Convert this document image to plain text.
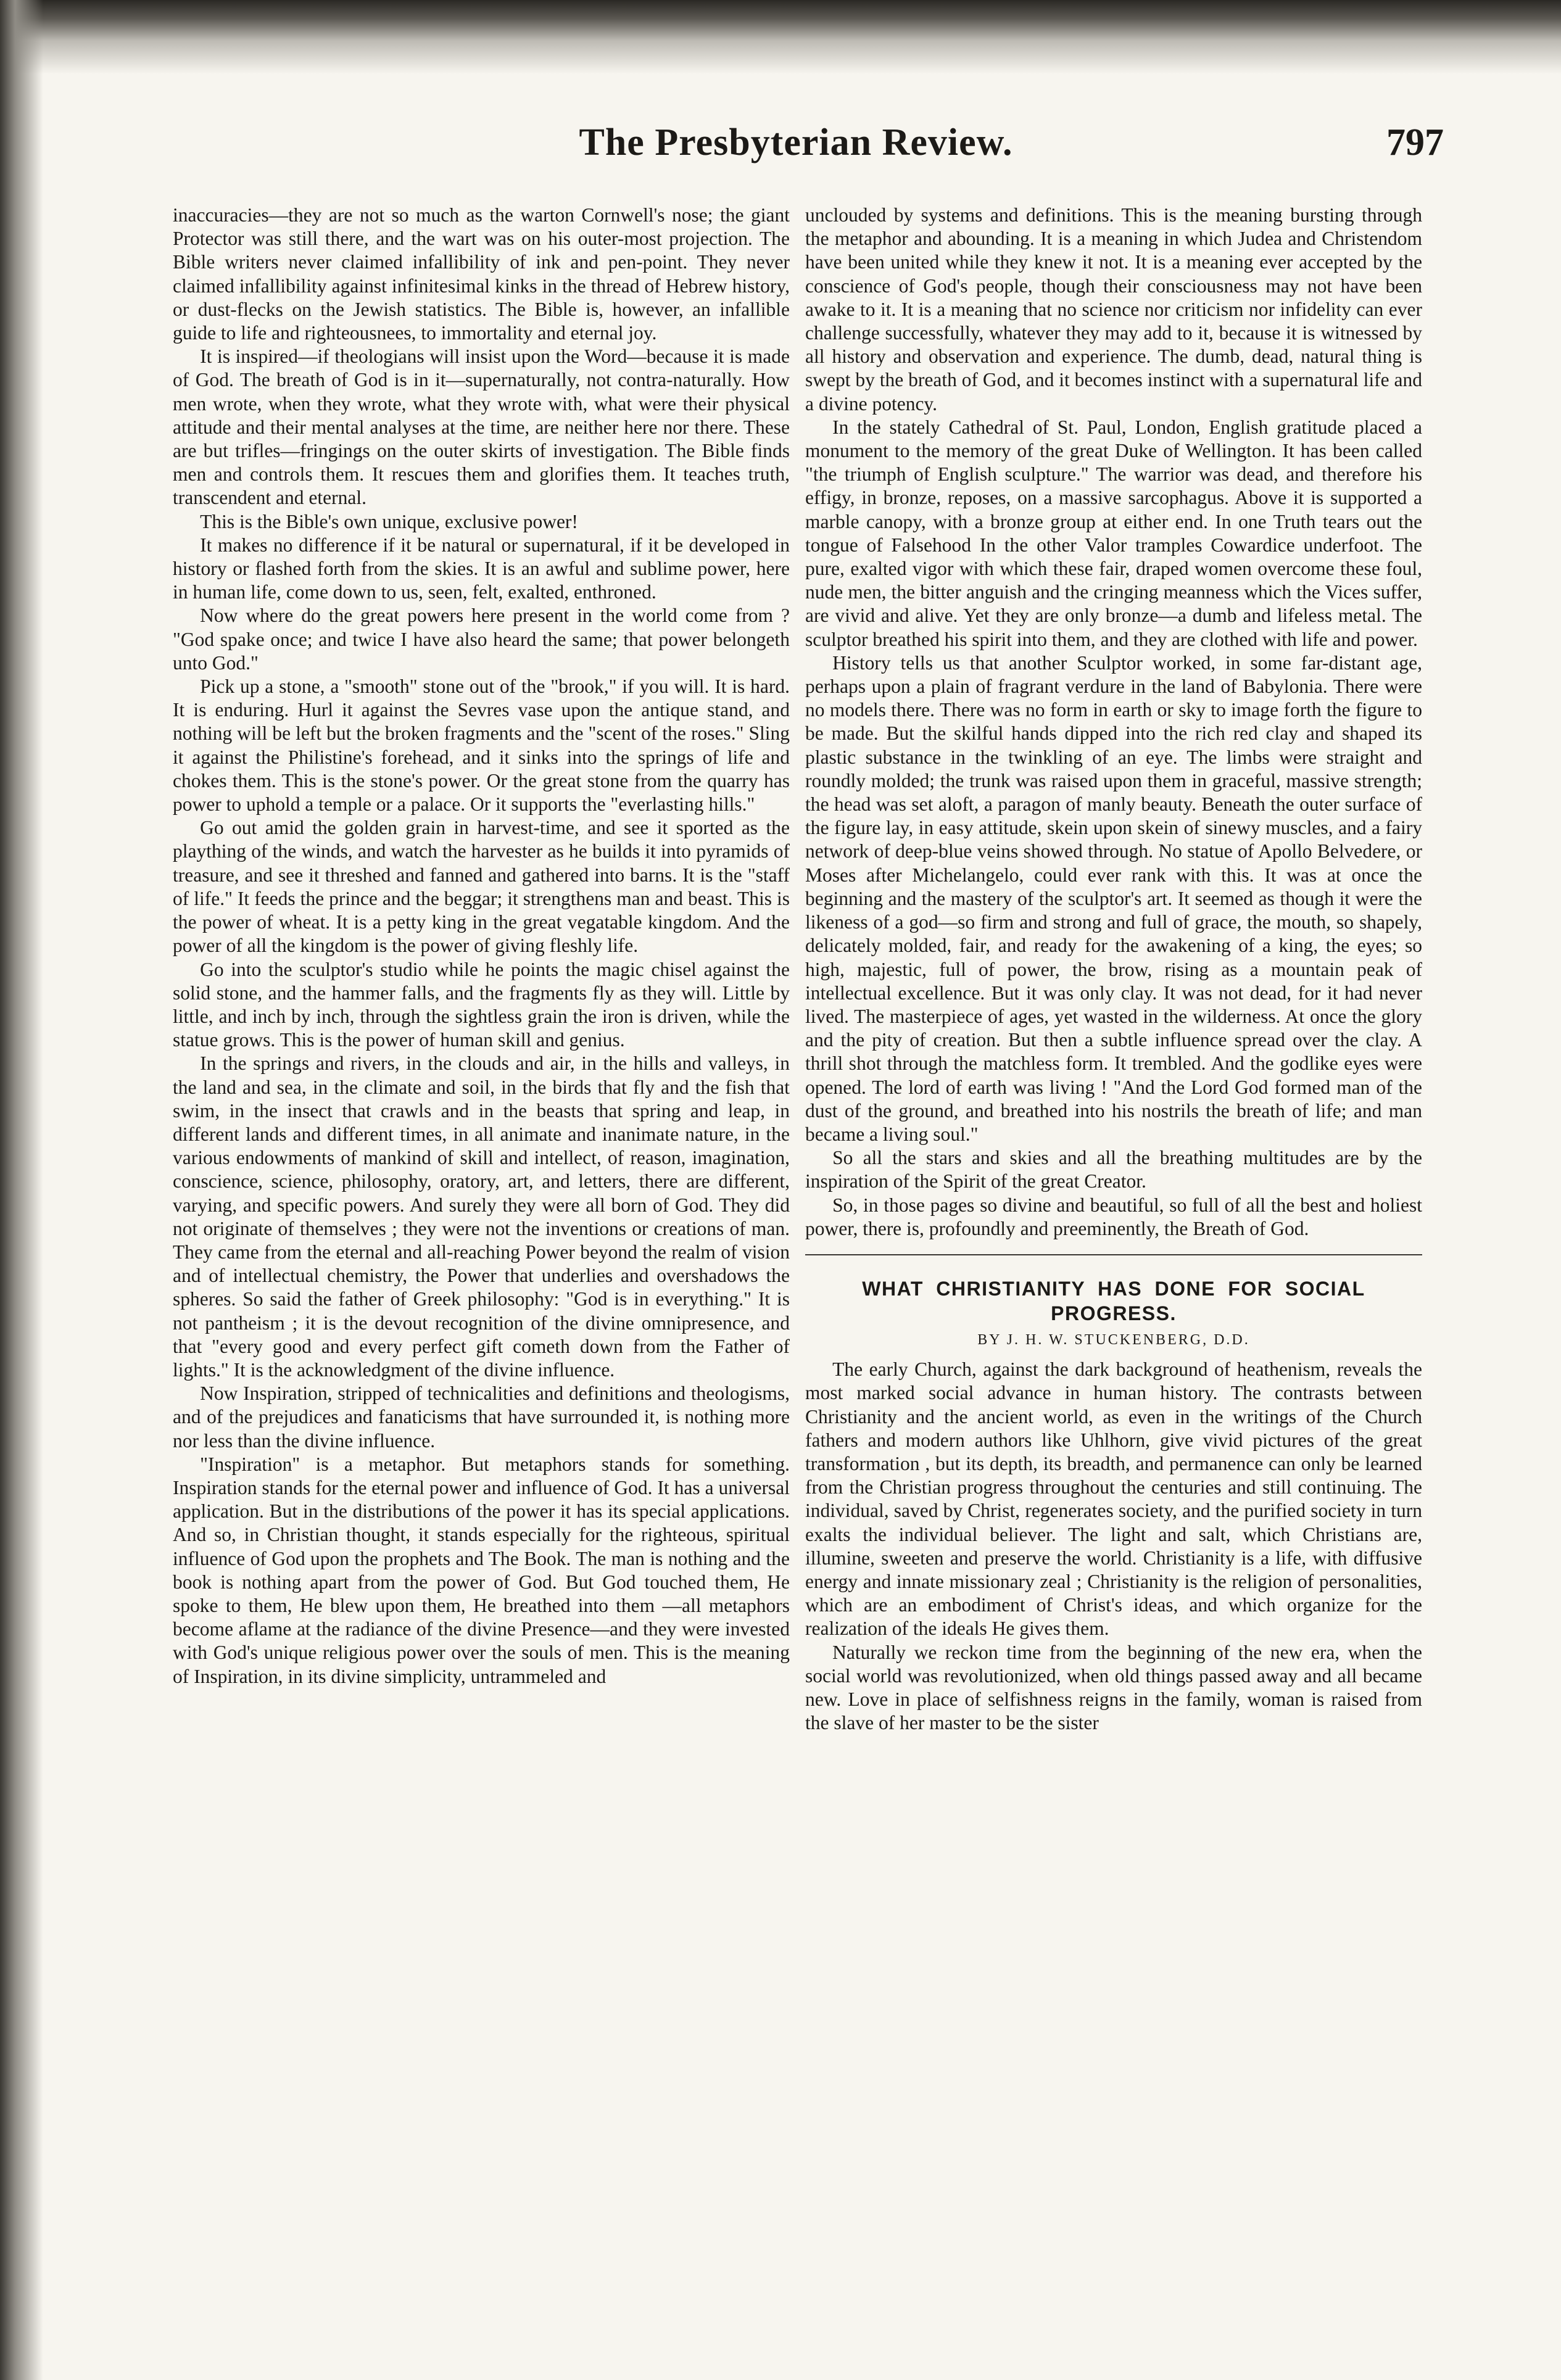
The Presbyterian Review.	797

inaccuracies—they are not so much as the warton Cornwell's nose; the giant Protector was still there, and the wart was on his outer-most projection. The Bible writers never claimed infallibility of ink and pen-point. They never claimed infallibility against infinitesimal kinks in the thread of Hebrew history, or dust-flecks on the Jewish statistics. The Bible is, however, an infallible guide to life and righteousnees, to immortality and eternal joy.

It is inspired—if theologians will insist upon the Word—because it is made of God. The breath of God is in it—supernaturally, not contra-naturally. How men wrote, when they wrote, what they wrote with, what were their physical attitude and their mental analyses at the time, are neither here nor there. These are but trifles—fringings on the outer skirts of investigation. The Bible finds men and controls them. It rescues them and glorifies them. It teaches truth, transcendent and eternal.

This is the Bible's own unique, exclusive power!

It makes no difference if it be natural or supernatural, if it be developed in history or flashed forth from the skies. It is an awful and sublime power, here in human life, come down to us, seen, felt, exalted, enthroned.

Now where do the great powers here present in the world come from ? "God spake once; and twice I have also heard the same; that power belongeth unto God."

Pick up a stone, a "smooth" stone out of the "brook," if you will. It is hard. It is enduring. Hurl it against the Sevres vase upon the antique stand, and nothing will be left but the broken fragments and the "scent of the roses." Sling it against the Philistine's forehead, and it sinks into the springs of life and chokes them. This is the stone's power. Or the great stone from the quarry has power to uphold a temple or a palace. Or it supports the "everlasting hills."

Go out amid the golden grain in harvest-time, and see it sported as the plaything of the winds, and watch the harvester as he builds it into pyramids of treasure, and see it threshed and fanned and gathered into barns. It is the "staff of life." It feeds the prince and the beggar; it strengthens man and beast. This is the power of wheat. It is a petty king in the great vegatable kingdom. And the power of all the kingdom is the power of giving fleshly life.

Go into the sculptor's studio while he points the magic chisel against the solid stone, and the hammer falls, and the fragments fly as they will. Little by little, and inch by inch, through the sightless grain the iron is driven, while the statue grows. This is the power of human skill and genius.

In the springs and rivers, in the clouds and air, in the hills and valleys, in the land and sea, in the climate and soil, in the birds that fly and the fish that swim, in the insect that crawls and in the beasts that spring and leap, in different lands and different times, in all animate and inanimate nature, in the various endowments of mankind of skill and intellect, of reason, imagination, conscience, science, philosophy, oratory, art, and letters, there are different, varying, and specific powers. And surely they were all born of God. They did not originate of themselves ; they were not the inventions or creations of man. They came from the eternal and all-reaching Power beyond the realm of vision and of intellectual chemistry, the Power that underlies and overshadows the spheres. So said the father of Greek philosophy: "God is in everything." It is not pantheism ; it is the devout recognition of the divine omnipresence, and that "every good and every perfect gift cometh down from the Father of lights." It is the acknowledgment of the divine influence.

Now Inspiration, stripped of technicalities and definitions and theologisms, and of the prejudices and fanaticisms that have surrounded it, is nothing more nor less than the divine influence.

"Inspiration" is a metaphor. But metaphors stands for something. Inspiration stands for the eternal power and influence of God. It has a universal application. But in the distributions of the power it has its special applications. And so, in Christian thought, it stands especially for the righteous, spiritual influence of God upon the prophets and The Book. The man is nothing and the book is nothing apart from the power of God. But God touched them, He spoke to them, He blew upon them, He breathed into them —all metaphors become aflame at the radiance of the divine Presence—and they were invested with God's unique religious power over the souls of men. This is the meaning of Inspiration, in its divine simplicity, untrammeled and

unclouded by systems and definitions. This is the meaning bursting through the metaphor and abounding. It is a meaning in which Judea and Christendom have been united while they knew it not. It is a meaning ever accepted by the conscience of God's people, though their consciousness may not have been awake to it. It is a meaning that no science nor criticism nor infidelity can ever challenge successfully, whatever they may add to it, because it is witnessed by all history and observation and experience. The dumb, dead, natural thing is swept by the breath of God, and it becomes instinct with a supernatural life and a divine potency.

In the stately Cathedral of St. Paul, London, English gratitude placed a monument to the memory of the great Duke of Wellington. It has been called "the triumph of English sculpture." The warrior was dead, and therefore his effigy, in bronze, reposes, on a massive sarcophagus. Above it is supported a marble canopy, with a bronze group at either end. In one Truth tears out the tongue of Falsehood In the other Valor tramples Cowardice underfoot. The pure, exalted vigor with which these fair, draped women overcome these foul, nude men, the bitter anguish and the cringing meanness which the Vices suffer, are vivid and alive. Yet they are only bronze—a dumb and lifeless metal. The sculptor breathed his spirit into them, and they are clothed with life and power.

History tells us that another Sculptor worked, in some far-distant age, perhaps upon a plain of fragrant verdure in the land of Babylonia. There were no models there. There was no form in earth or sky to image forth the figure to be made. But the skilful hands dipped into the rich red clay and shaped its plastic substance in the twinkling of an eye. The limbs were straight and roundly molded; the trunk was raised upon them in graceful, massive strength; the head was set aloft, a paragon of manly beauty. Beneath the outer surface of the figure lay, in easy attitude, skein upon skein of sinewy muscles, and a fairy network of deep-blue veins showed through. No statue of Apollo Belvedere, or Moses after Michelangelo, could ever rank with this. It was at once the beginning and the mastery of the sculptor's art. It seemed as though it were the likeness of a god—so firm and strong and full of grace, the mouth, so shapely, delicately molded, fair, and ready for the awakening of a king, the eyes; so high, majestic, full of power, the brow, rising as a mountain peak of intellectual excellence. But it was only clay. It was not dead, for it had never lived. The masterpiece of ages, yet wasted in the wilderness. At once the glory and the pity of creation. But then a subtle influence spread over the clay. A thrill shot through the matchless form. It trembled. And the godlike eyes were opened. The lord of earth was living ! "And the Lord God formed man of the dust of the ground, and breathed into his nostrils the breath of life; and man became a living soul."

So all the stars and skies and all the breathing multitudes are by the inspiration of the Spirit of the great Creator.

So, in those pages so divine and beautiful, so full of all the best and holiest power, there is, profoundly and preeminently, the Breath of God.

WHAT CHRISTIANITY HAS DONE FOR SOCIAL PROGRESS.
BY J. H. W. STUCKENBERG, D.D.

The early Church, against the dark background of heathenism, reveals the most marked social advance in human history. The contrasts between Christianity and the ancient world, as even in the writings of the Church fathers and modern authors like Uhlhorn, give vivid pictures of the great transformation , but its depth, its breadth, and permanence can only be learned from the Christian progress throughout the centuries and still continuing. The individual, saved by Christ, regenerates society, and the purified society in turn exalts the individual believer. The light and salt, which Christians are, illumine, sweeten and preserve the world. Christianity is a life, with diffusive energy and innate missionary zeal ; Christianity is the religion of personalities, which are an embodiment of Christ's ideas, and which organize for the realization of the ideals He gives them.

Naturally we reckon time from the beginning of the new era, when the social world was revolutionized, when old things passed away and all became new. Love in place of selfishness reigns in the family, woman is raised from the slave of her master to be the sister
